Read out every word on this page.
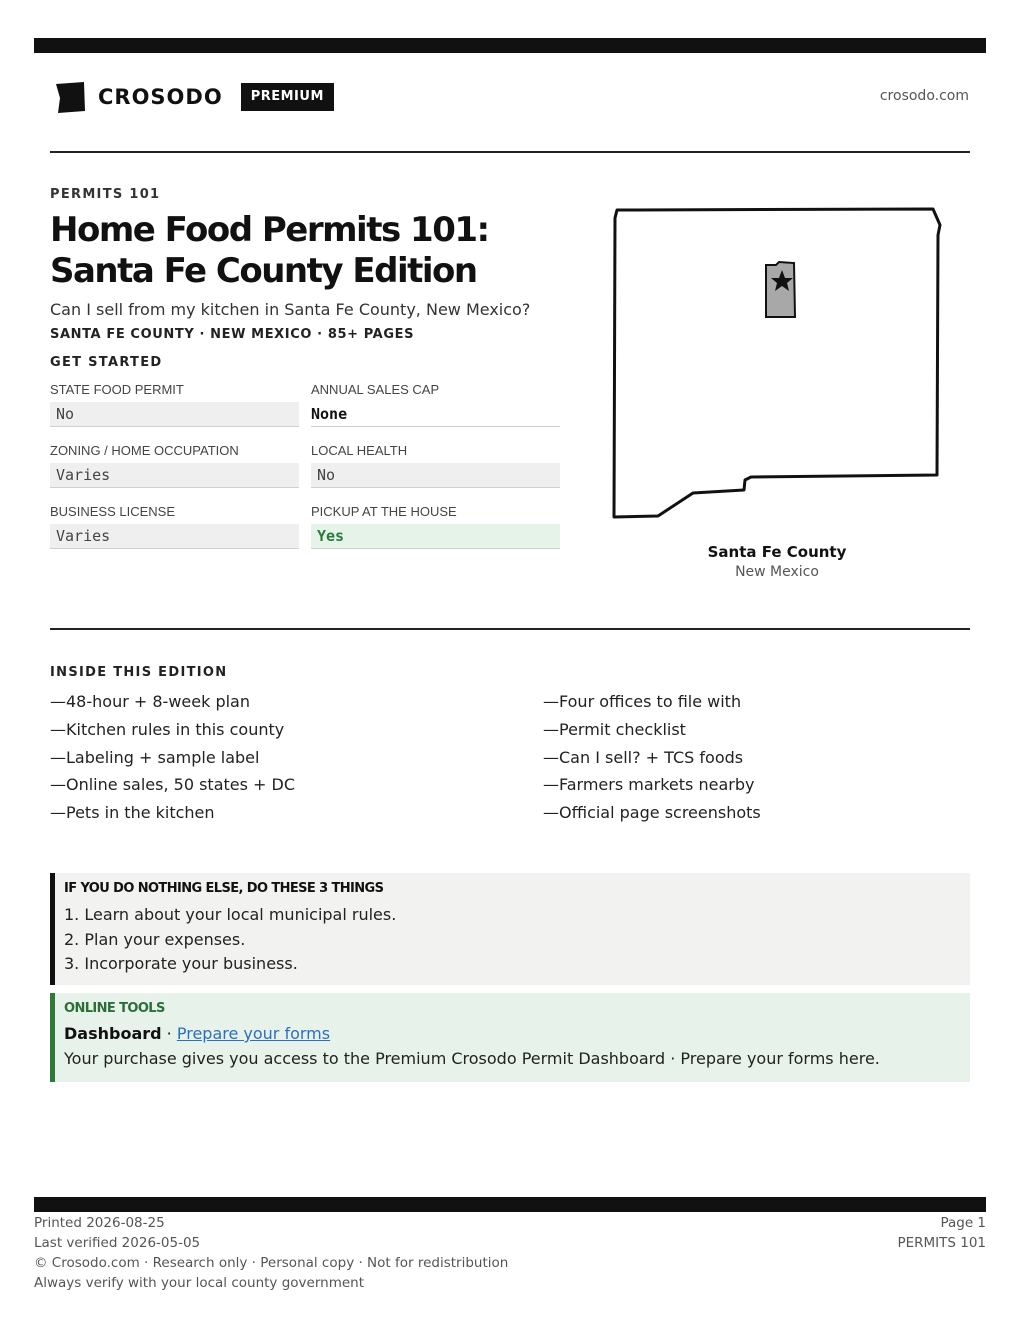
CROSODO	PREMIUM	crosodo.com
PERMITS 101
Home Food Permits 101: Santa Fe County Edition
Can I sell from my kitchen in Santa Fe County, New Mexico?
SANTA FE COUNTY · NEW MEXICO · 85+ PAGES
GET STARTED
STATE FOOD PERMIT
No
ANNUAL SALES CAP
None
ZONING / HOME OCCUPATION
Varies
LOCAL HEALTH
No
BUSINESS LICENSE
Varies
PICKUP AT THE HOUSE
Yes
Santa Fe County
New Mexico
INSIDE THIS EDITION
—48-hour + 8-week plan
—Kitchen rules in this county
—Labeling + sample label
—Online sales, 50 states + DC
—Pets in the kitchen
—Four offices to file with
—Permit checklist
—Can I sell? + TCS foods
—Farmers markets nearby
—Official page screenshots
IF YOU DO NOTHING ELSE, DO THESE 3 THINGS
1. Learn about your local municipal rules.
2. Plan your expenses.
3. Incorporate your business.
ONLINE TOOLS
Dashboard · Prepare your forms
Your purchase gives you access to the Premium Crosodo Permit Dashboard · Prepare your forms here.
Printed 2026-08-25
Last verified 2026-05-05
© Crosodo.com · Research only · Personal copy · Not for redistribution
Always verify with your local county government
Page 1
PERMITS 101
